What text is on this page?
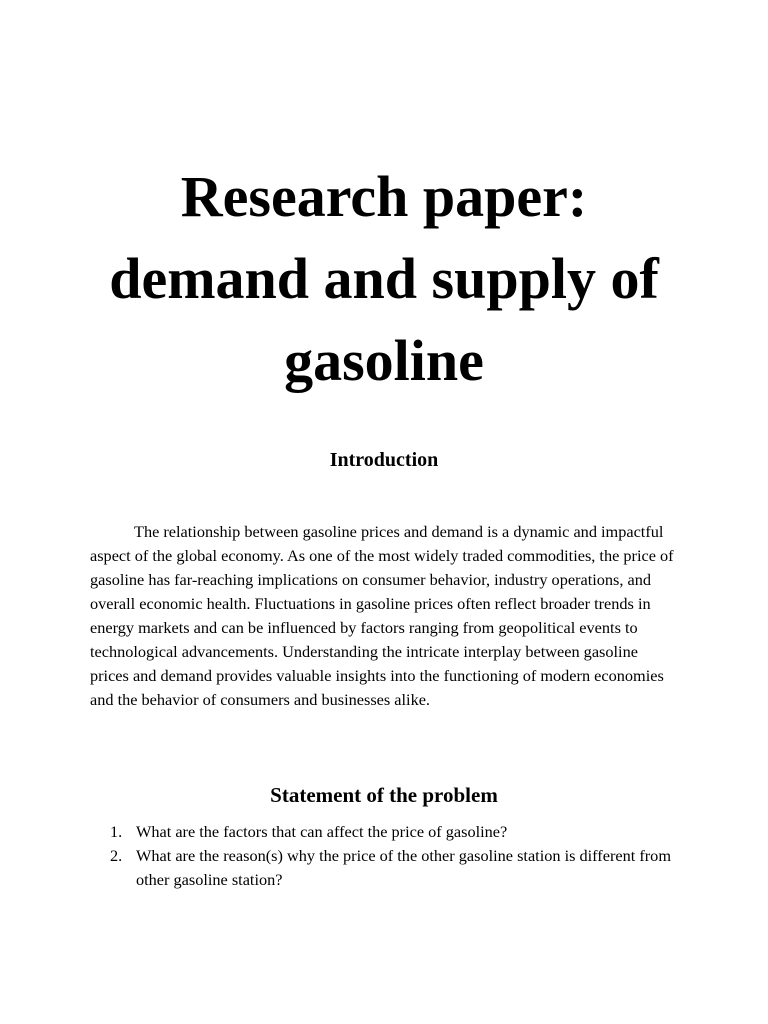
Research paper:
demand and supply of
gasoline
Introduction

The relationship between gasoline prices and demand is a dynamic and impactful aspect of the global economy. As one of the most widely traded commodities, the price of gasoline has far-reaching implications on consumer behavior, industry operations, and overall economic health. Fluctuations in gasoline prices often reflect broader trends in energy markets and can be influenced by factors ranging from geopolitical events to technological advancements. Understanding the intricate interplay between gasoline prices and demand provides valuable insights into the functioning of modern economies and the behavior of consumers and businesses alike.

Statement of the problem
1. What are the factors that can affect the price of gasoline?
2. What are the reason(s) why the price of the other gasoline station is different from other gasoline station?
